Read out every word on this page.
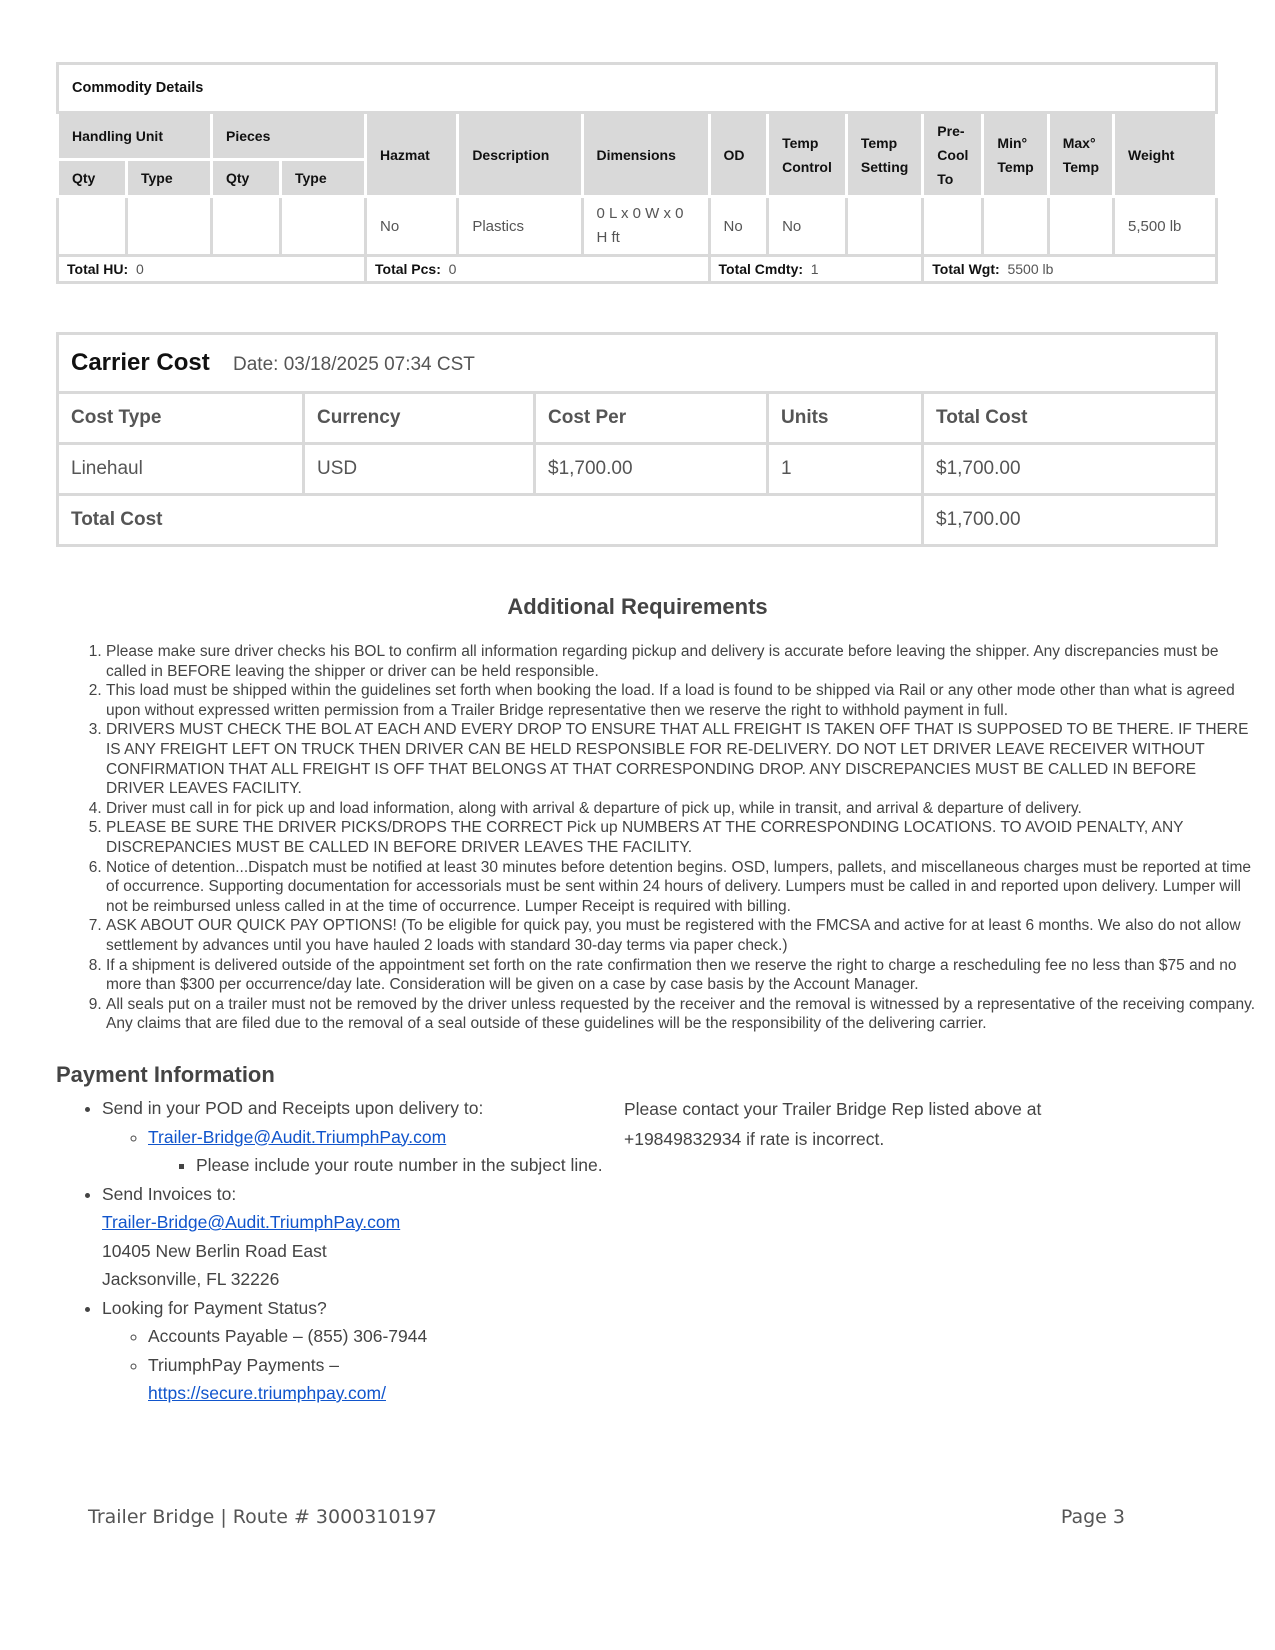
Commodity Details													
Handling Unit		Pieces		Hazmat	Description	Dimensions	OD	Temp Control	Temp Setting	Pre-Cool To	Min° Temp	Max° Temp	Weight
Qty	Type	Qty	Type										
				No	Plastics	0 L x 0 W x 0 H ft	No	No					5,500 lb
Total HU: 0				Total Pcs: 0			Total Cmdty: 1			Total Wgt: 5500 lb			
Carrier Cost Date: 03/18/2025 07:34 CST				
Cost Type	Currency	Cost Per	Units	Total Cost
Linehaul	USD	$1,700.00	1	$1,700.00
Total Cost				$1,700.00
Additional Requirements
1. Please make sure driver checks his BOL to confirm all information regarding pickup and delivery is accurate before leaving the shipper. Any discrepancies must be called in BEFORE leaving the shipper or driver can be held responsible.
2. This load must be shipped within the guidelines set forth when booking the load. If a load is found to be shipped via Rail or any other mode other than what is agreed upon without expressed written permission from a Trailer Bridge representative then we reserve the right to withhold payment in full.
3. DRIVERS MUST CHECK THE BOL AT EACH AND EVERY DROP TO ENSURE THAT ALL FREIGHT IS TAKEN OFF THAT IS SUPPOSED TO BE THERE. IF THERE IS ANY FREIGHT LEFT ON TRUCK THEN DRIVER CAN BE HELD RESPONSIBLE FOR RE-DELIVERY. DO NOT LET DRIVER LEAVE RECEIVER WITHOUT CONFIRMATION THAT ALL FREIGHT IS OFF THAT BELONGS AT THAT CORRESPONDING DROP. ANY DISCREPANCIES MUST BE CALLED IN BEFORE DRIVER LEAVES FACILITY.
4. Driver must call in for pick up and load information, along with arrival & departure of pick up, while in transit, and arrival & departure of delivery.
5. PLEASE BE SURE THE DRIVER PICKS/DROPS THE CORRECT Pick up NUMBERS AT THE CORRESPONDING LOCATIONS. TO AVOID PENALTY, ANY DISCREPANCIES MUST BE CALLED IN BEFORE DRIVER LEAVES THE FACILITY.
6. Notice of detention...Dispatch must be notified at least 30 minutes before detention begins. OSD, lumpers, pallets, and miscellaneous charges must be reported at time of occurrence. Supporting documentation for accessorials must be sent within 24 hours of delivery. Lumpers must be called in and reported upon delivery. Lumper will not be reimbursed unless called in at the time of occurrence. Lumper Receipt is required with billing.
7. ASK ABOUT OUR QUICK PAY OPTIONS! (To be eligible for quick pay, you must be registered with the FMCSA and active for at least 6 months. We also do not allow settlement by advances until you have hauled 2 loads with standard 30-day terms via paper check.)
8. If a shipment is delivered outside of the appointment set forth on the rate confirmation then we reserve the right to charge a rescheduling fee no less than $75 and no more than $300 per occurrence/day late. Consideration will be given on a case by case basis by the Account Manager.
9. All seals put on a trailer must not be removed by the driver unless requested by the receiver and the removal is witnessed by a representative of the receiving company. Any claims that are filed due to the removal of a seal outside of these guidelines will be the responsibility of the delivering carrier.
Payment Information
• Send in your POD and Receipts upon delivery to:
◦ Trailer-Bridge@Audit.TriumphPay.com
▪ Please include your route number in the subject line.
• Send Invoices to:
Trailer-Bridge@Audit.TriumphPay.com
10405 New Berlin Road East
Jacksonville, FL 32226
• Looking for Payment Status?
◦ Accounts Payable – (855) 306-7944
◦ TriumphPay Payments –
https://secure.triumphpay.com/
Please contact your Trailer Bridge Rep listed above at +19849832934 if rate is incorrect.
Trailer Bridge | Route # 3000310197	Page 3
